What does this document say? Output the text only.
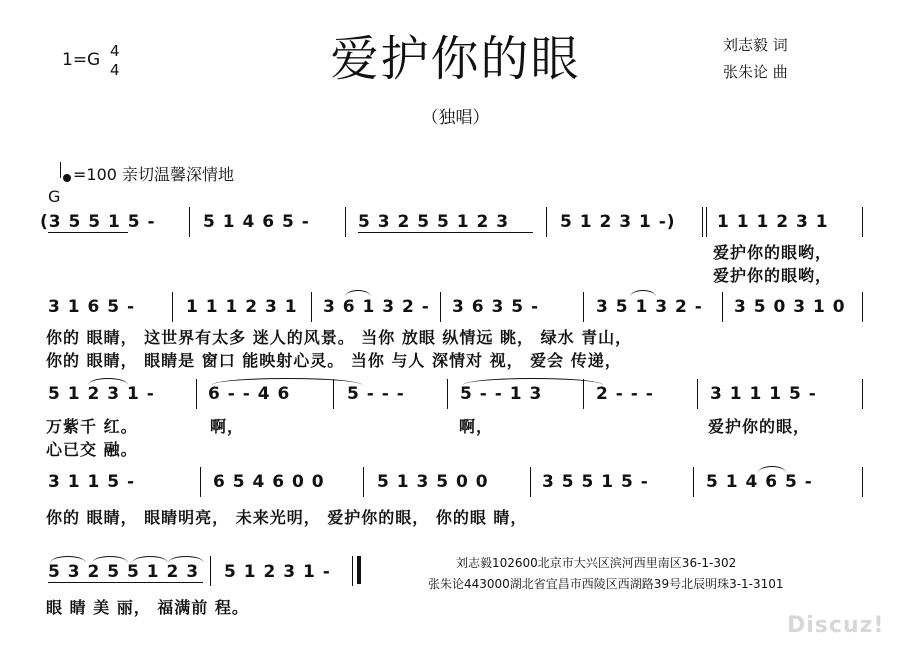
爱护你的眼
1=G 4
4
刘志毅 词
张朱论 曲
（独唱）
=100 亲切温馨深情地
G
(3 5 5 1 5 -	5 1 4 6 5 -	5 3 2 5 5 1 2 3	5 1 2 3 1 -) 1 1 1 2 3 1
爱护你的眼哟，
爱护你的眼哟，
3 1 6 5 -	1 1 1 2 3 1 3 6 1 3 2 - 3 6 3 5 -	3 5 1 3 2 - 3 5 0 3 1 0
你的 眼睛， 这世界有太多 迷人的风景。 当你 放眼 纵情远 眺， 绿水 青山，
你的 眼睛， 眼睛是 窗口 能映射心灵。 当你 与人 深情对 视， 爱会 传递，
5 1 2 3 1 -	6 - - 4 6	5 - - -	5 - - 1 3	2 - - -	3 1 1 1 5 -
万紫千 红。	啊，	啊，	爱护你的眼，
心已交 融。
3 1 1 5 -	6 5 4 6 0 0	5 1 3 5 0 0	3 5 5 1 5 -	5 1 4 6 5 -
你的 眼睛， 眼睛明亮， 未来光明， 爱护你的眼， 你的眼 睛，
5 3 2 5 5 1 2 3 5 1 2 3 1 -
眼 睛 美 丽， 福满前 程。
刘志毅102600北京市大兴区滨河西里南区36-1-302
张朱论443000湖北省宜昌市西陵区西湖路39号北辰明珠3-1-3101
Discuz!
